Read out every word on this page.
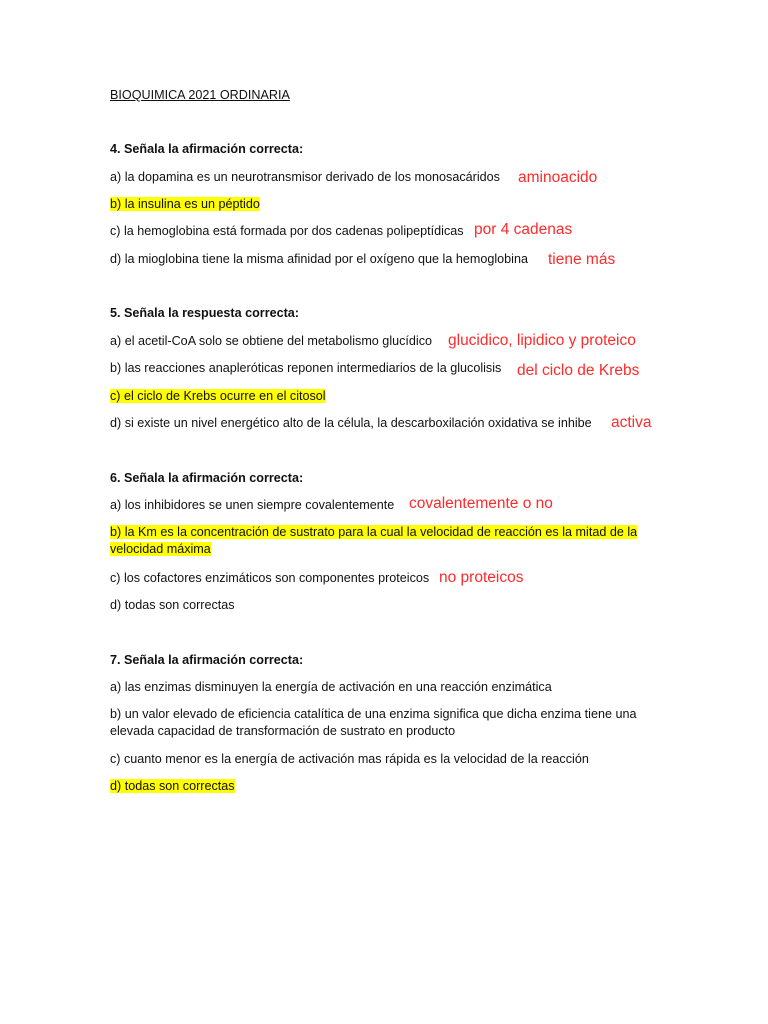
BIOQUIMICA 2021 ORDINARIA
4. Señala la afirmación correcta:
a) la dopamina es un neurotransmisor derivado de los monosacáridos aminoacido
b) la insulina es un péptido
c) la hemoglobina está formada por dos cadenas polipeptídicas por 4 cadenas
d) la mioglobina tiene la misma afinidad por el oxígeno que la hemoglobina tiene más
5. Señala la respuesta correcta:
a) el acetil-CoA solo se obtiene del metabolismo glucídico glucidico, lipidico y proteico
b) las reacciones anapleróticas reponen intermediarios de la glucolisis del ciclo de Krebs
c) el ciclo de Krebs ocurre en el citosol
d) si existe un nivel energético alto de la célula, la descarboxilación oxidativa se inhibe activa
6. Señala la afirmación correcta:
a) los inhibidores se unen siempre covalentemente covalentemente o no
b) la Km es la concentración de sustrato para la cual la velocidad de reacción es la mitad de la velocidad máxima
c) los cofactores enzimáticos son componentes proteicos no proteicos
d) todas son correctas
7. Señala la afirmación correcta:
a) las enzimas disminuyen la energía de activación en una reacción enzimática
b) un valor elevado de eficiencia catalítica de una enzima significa que dicha enzima tiene una elevada capacidad de transformación de sustrato en producto
c) cuanto menor es la energía de activación mas rápida es la velocidad de la reacción
d) todas son correctas
